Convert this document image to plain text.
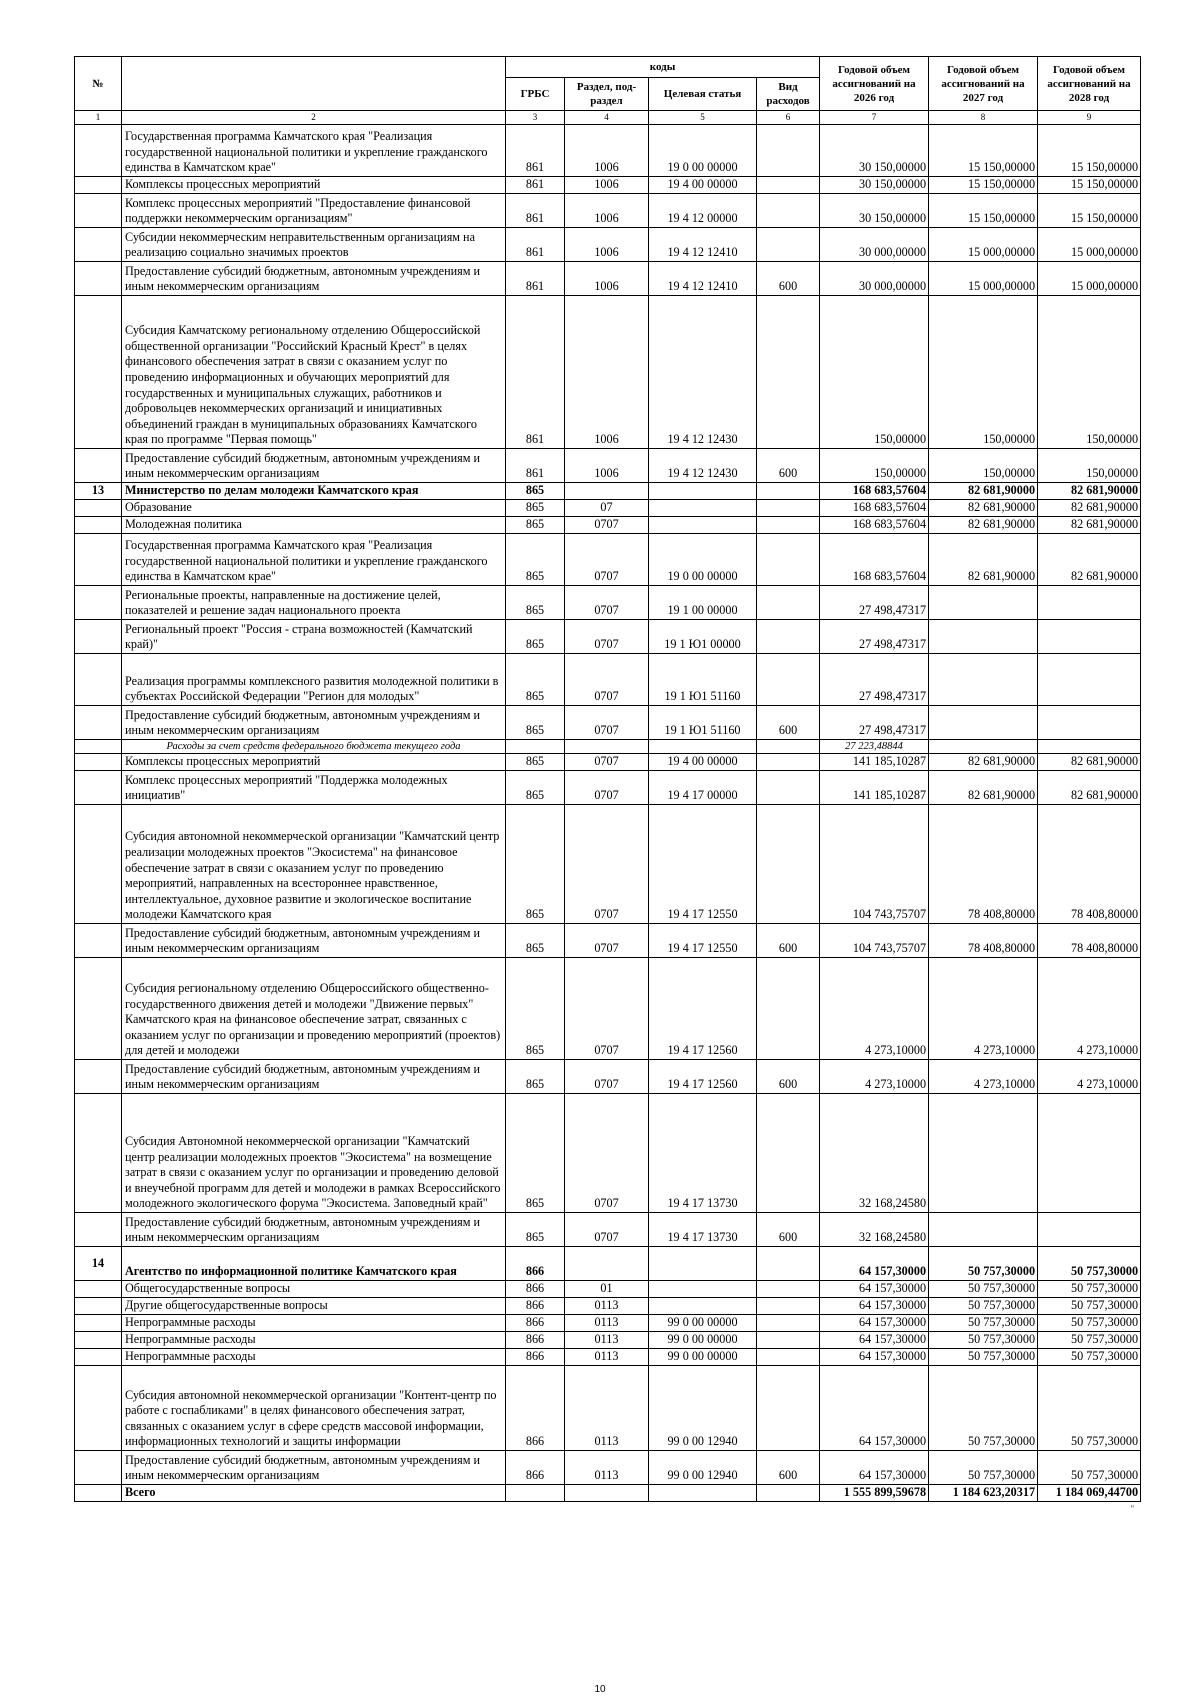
№		коды				Годовой объем ассигнований на 2026 год	Годовой объем ассигнований на 2027 год	Годовой объем ассигнований на 2028 год
		ГРБС	Раздел, под-раздел	Целевая статья	Вид расходов			
1	2	3	4	5	6	7	8	9
	Государственная программа Камчатского края "Реализация государственной национальной политики и укрепление гражданского единства в Камчатском крае"	861	1006	19 0 00 00000		30 150,00000	15 150,00000	15 150,00000
	Комплексы процессных мероприятий	861	1006	19 4 00 00000		30 150,00000	15 150,00000	15 150,00000
	Комплекс процессных мероприятий "Предоставление финансовой поддержки некоммерческим организациям"	861	1006	19 4 12 00000		30 150,00000	15 150,00000	15 150,00000
	Субсидии некоммерческим неправительственным организациям на реализацию социально значимых проектов	861	1006	19 4 12 12410		30 000,00000	15 000,00000	15 000,00000
	Предоставление субсидий бюджетным, автономным учреждениям и иным некоммерческим организациям	861	1006	19 4 12 12410	600	30 000,00000	15 000,00000	15 000,00000
	Субсидия Камчатскому региональному отделению Общероссийской общественной организации "Российский Красный Крест" в целях финансового обеспечения затрат в связи с оказанием услуг по проведению информационных и обучающих мероприятий для государственных и муниципальных служащих, работников и добровольцев некоммерческих организаций и инициативных объединений граждан в муниципальных образованиях Камчатского края по программе "Первая помощь"	861	1006	19 4 12 12430		150,00000	150,00000	150,00000
	Предоставление субсидий бюджетным, автономным учреждениям и иным некоммерческим организациям	861	1006	19 4 12 12430	600	150,00000	150,00000	150,00000
13	Министерство по делам молодежи Камчатского края	865				168 683,57604	82 681,90000	82 681,90000
	Образование	865	07			168 683,57604	82 681,90000	82 681,90000
	Молодежная политика	865	0707			168 683,57604	82 681,90000	82 681,90000
	Государственная программа Камчатского края "Реализация государственной национальной политики и укрепление гражданского единства в Камчатском крае"	865	0707	19 0 00 00000		168 683,57604	82 681,90000	82 681,90000
	Региональные проекты, направленные на достижение целей, показателей и решение задач национального проекта	865	0707	19 1 00 00000		27 498,47317		
	Региональный проект "Россия - страна возможностей (Камчатский край)"	865	0707	19 1 Ю1 00000		27 498,47317		
	Реализация программы комплексного развития молодежной политики в субъектах Российской Федерации "Регион для молодых"	865	0707	19 1 Ю1 51160		27 498,47317		
	Предоставление субсидий бюджетным, автономным учреждениям и иным некоммерческим организациям	865	0707	19 1 Ю1 51160	600	27 498,47317		
	Расходы за счет средств федерального бюджета текущего года					27 223,48844		
	Комплексы процессных мероприятий	865	0707	19 4 00 00000		141 185,10287	82 681,90000	82 681,90000
	Комплекс процессных мероприятий "Поддержка молодежных инициатив"	865	0707	19 4 17 00000		141 185,10287	82 681,90000	82 681,90000
	Субсидия автономной некоммерческой организации "Камчатский центр реализации молодежных проектов "Экосистема" на финансовое обеспечение затрат в связи с оказанием услуг по проведению мероприятий, направленных на всестороннее нравственное, интеллектуальное, духовное развитие и экологическое воспитание молодежи Камчатского края	865	0707	19 4 17 12550		104 743,75707	78 408,80000	78 408,80000
	Предоставление субсидий бюджетным, автономным учреждениям и иным некоммерческим организациям	865	0707	19 4 17 12550	600	104 743,75707	78 408,80000	78 408,80000
	Субсидия региональному отделению Общероссийского общественно-государственного движения детей и молодежи "Движение первых" Камчатского края на финансовое обеспечение затрат, связанных с оказанием услуг по организации и проведению мероприятий (проектов) для детей и молодежи	865	0707	19 4 17 12560		4 273,10000	4 273,10000	4 273,10000
	Предоставление субсидий бюджетным, автономным учреждениям и иным некоммерческим организациям	865	0707	19 4 17 12560	600	4 273,10000	4 273,10000	4 273,10000
	Субсидия Автономной некоммерческой организации "Камчатский центр реализации молодежных проектов "Экосистема" на возмещение затрат в связи с оказанием услуг по организации и проведению деловой и внеучебной программ для детей и молодежи в рамках Всероссийского молодежного экологического форума "Экосистема. Заповедный край"	865	0707	19 4 17 13730		32 168,24580		
	Предоставление субсидий бюджетным, автономным учреждениям и иным некоммерческим организациям	865	0707	19 4 17 13730	600	32 168,24580		
14	Агентство по информационной политике Камчатского края	866				64 157,30000	50 757,30000	50 757,30000
	Общегосударственные вопросы	866	01			64 157,30000	50 757,30000	50 757,30000
	Другие общегосударственные вопросы	866	0113			64 157,30000	50 757,30000	50 757,30000
	Непрограммные расходы	866	0113	99 0 00 00000		64 157,30000	50 757,30000	50 757,30000
	Непрограммные расходы	866	0113	99 0 00 00000		64 157,30000	50 757,30000	50 757,30000
	Непрограммные расходы	866	0113	99 0 00 00000		64 157,30000	50 757,30000	50 757,30000
	Субсидия автономной некоммерческой организации "Контент-центр по работе с госпабликами" в целях финансового обеспечения затрат, связанных с оказанием услуг в сфере средств массовой информации, информационных технологий и защиты информации	866	0113	99 0 00 12940		64 157,30000	50 757,30000	50 757,30000
	Предоставление субсидий бюджетным, автономным учреждениям и иным некоммерческим организациям	866	0113	99 0 00 12940	600	64 157,30000	50 757,30000	50 757,30000
	Всего					1 555 899,59678	1 184 623,20317	1 184 069,44700
"
10
